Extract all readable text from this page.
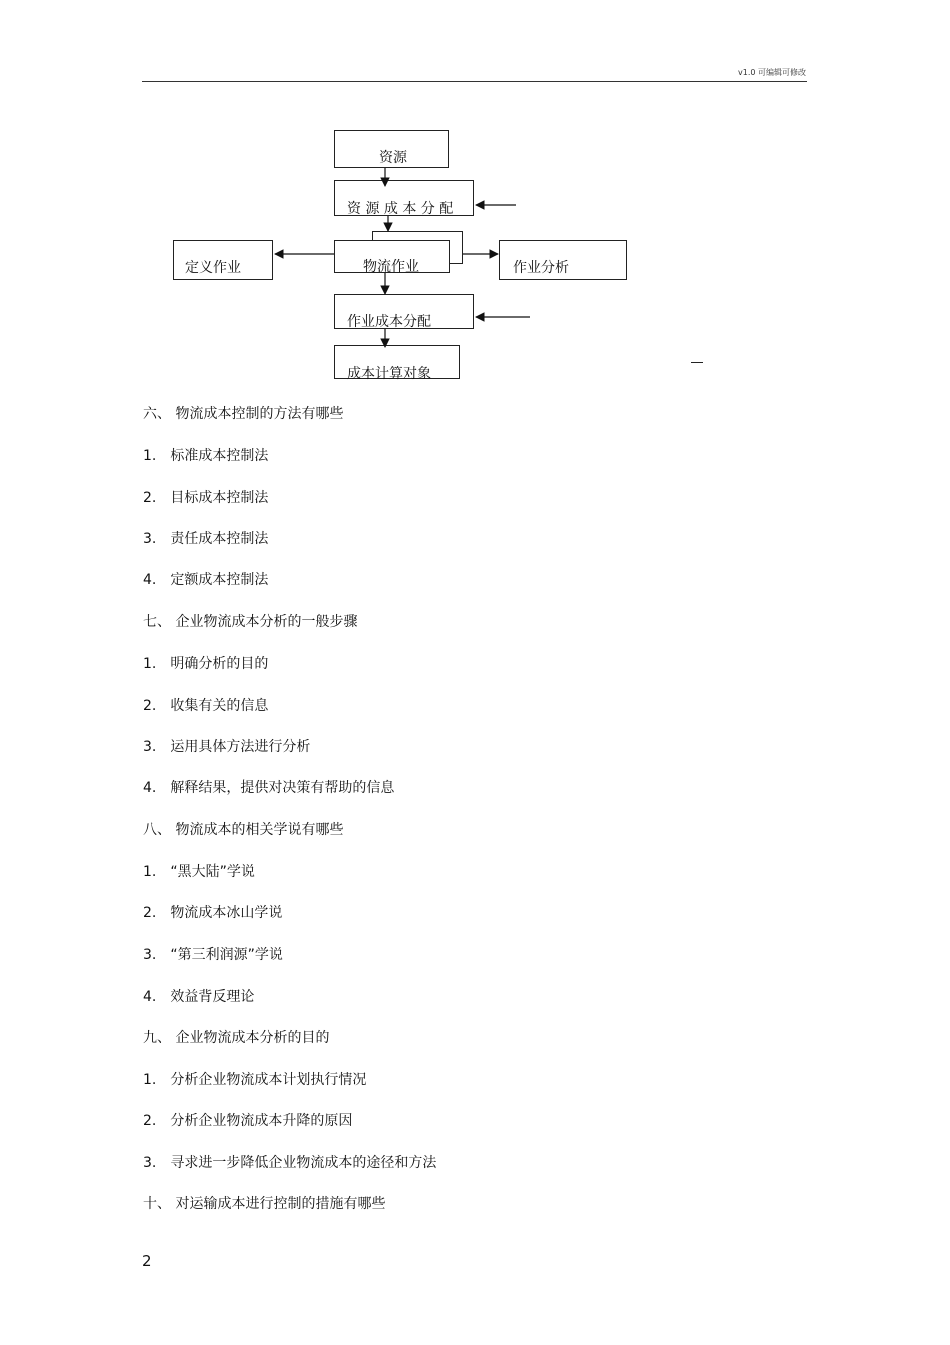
v1.0 可编辑可修改
资源
资 源 成 本 分 配
物流作业
定义作业	作业分析
作业成本分配
成本计算对象
六、 物流成本控制的方法有哪些
1.　标准成本控制法
2.　目标成本控制法
3.　责任成本控制法
4.　定额成本控制法
七、 企业物流成本分析的一般步骤
1.　明确分析的目的
2.　收集有关的信息
3.　运用具体方法进行分析
4.　解释结果，提供对决策有帮助的信息
八、 物流成本的相关学说有哪些
1.　“黑大陆”学说
2.　物流成本冰山学说
3.　“第三利润源”学说
4.　效益背反理论
九、 企业物流成本分析的目的
1.　分析企业物流成本计划执行情况
2.　分析企业物流成本升降的原因
3.　寻求进一步降低企业物流成本的途径和方法
十、 对运输成本进行控制的措施有哪些
2
